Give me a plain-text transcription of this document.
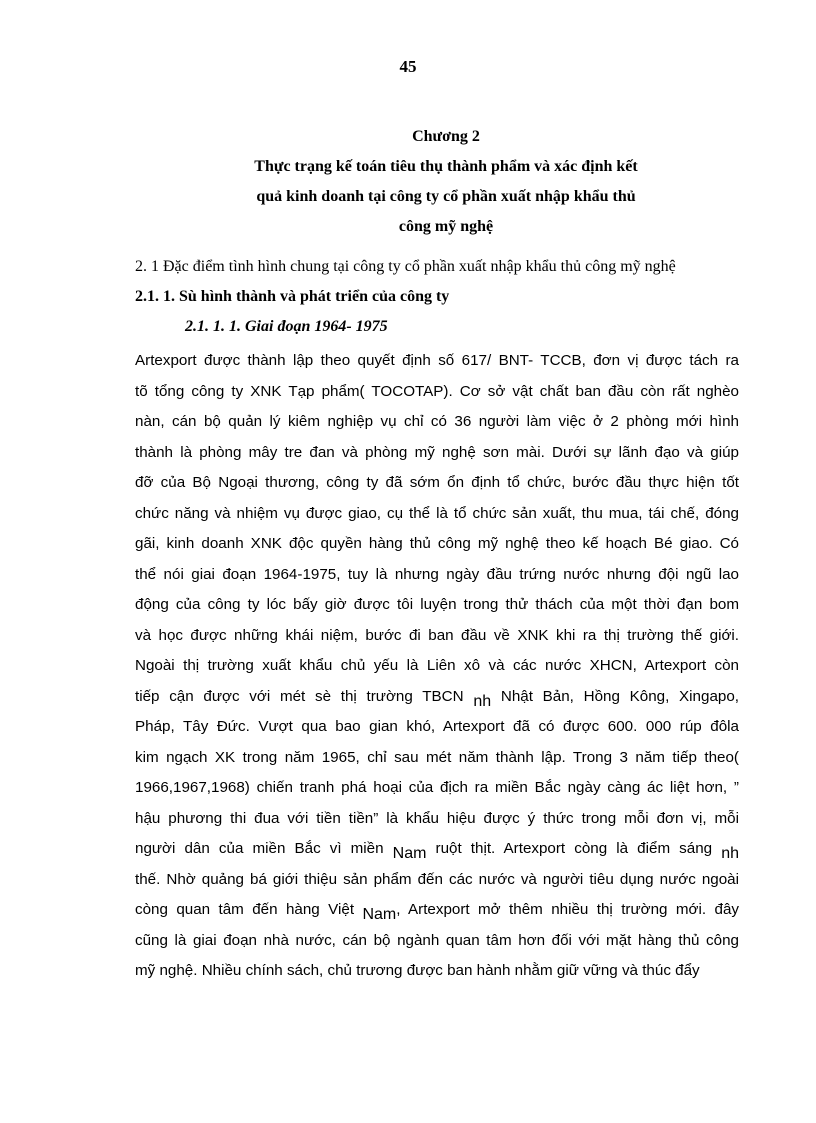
45
Chương 2
Thực trạng kế toán tiêu thụ thành phẩm và xác định kết
quả kinh doanh tại công ty cổ phần xuất nhập khẩu thủ
công mỹ nghệ
2. 1 Đặc điểm tình hình chung tại công ty cổ phần xuất nhập khẩu thủ công mỹ nghệ
2.1. 1. Sù hình thành và phát triển của công ty
2.1. 1. 1. Giai đoạn 1964- 1975
Artexport được thành lập theo quyết định số 617/ BNT- TCCB, đơn vị được tách ra
tõ tổng công ty XNK Tạp phẩm( TOCOTAP). Cơ sở vật chất ban đầu còn rất nghèo
nàn, cán bộ quản lý kiêm nghiệp vụ chỉ có 36 người làm việc ở 2 phòng mới hình
thành là phòng mây tre đan và phòng mỹ nghệ sơn mài. Dưới sự lãnh đạo và giúp
đỡ của Bộ Ngoại thương, công ty đã sớm ổn định tổ chức, bước đầu thực hiện tốt
chức năng và nhiệm vụ được giao, cụ thể là tổ chức sản xuất, thu mua, tái chế, đóng
gãi, kinh doanh XNK độc quyền hàng thủ công mỹ nghệ theo kế hoạch Bé giao. Có
thể nói giai đoạn 1964-1975, tuy là nhưng ngày đầu trứng nước nhưng đội ngũ lao
động của công ty lóc bấy giờ được tôi luyện trong thử thách của một thời đạn bom
và học được những khái niệm, bước đi ban đầu về XNK khi ra thị trường thế giới.
Ngoài thị trường xuất khẩu chủ yếu là Liên xô và các nước XHCN, Artexport còn
tiếp cận được với mét sè thị trường TBCN nh Nhật Bản, Hồng Kông, Xingapo,
Pháp, Tây Đức. Vượt qua bao gian khó, Artexport đã có được 600. 000 rúp đôla
kim ngạch XK trong năm 1965, chỉ sau mét năm thành lập. Trong 3 năm tiếp theo(
1966,1967,1968) chiến tranh phá hoại của địch ra miền Bắc ngày càng ác liệt hơn, ”
hậu phương thi đua với tiền tiền” là khẩu hiệu được ý thức trong mỗi đơn vị, mỗi
người dân của miền Bắc vì miền Nam ruột thịt. Artexport còng là điểm sáng nh
thế. Nhờ quảng bá giới thiệu sản phẩm đến các nước và người tiêu dụng nước ngoài
còng quan tâm đến hàng Việt Nam, Artexport mở thêm nhiều thị trường mới. đây
cũng là giai đoạn nhà nước, cán bộ ngành quan tâm hơn đối với mặt hàng thủ công
mỹ nghệ. Nhiều chính sách, chủ trương được ban hành nhằm giữ vững và thúc đẩy
